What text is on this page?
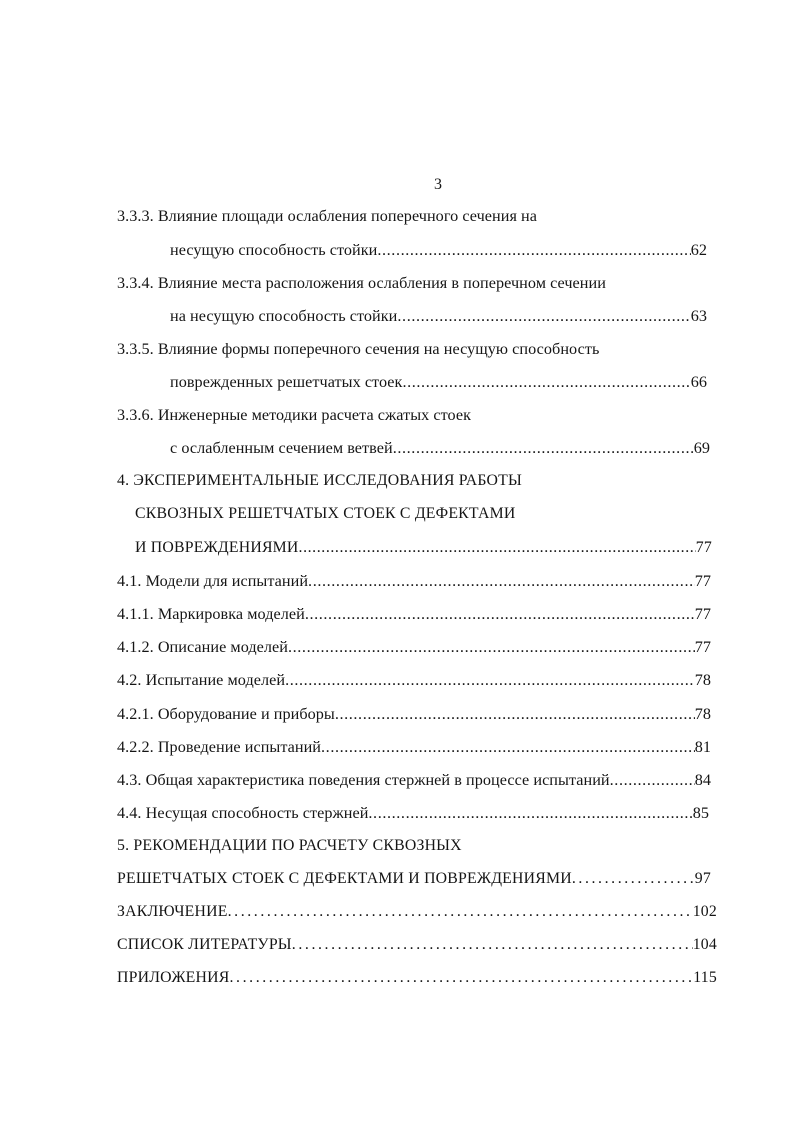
3
3.3.3. Влияние площади ослабления поперечного сечения на
несущую способность стойки .....	62
3.3.4. Влияние места расположения ослабления в поперечном сечении
на несущую способность стойки .....	63
3.3.5. Влияние формы поперечного сечения на несущую способность
поврежденных решетчатых стоек .....	66
3.3.6. Инженерные методики расчета сжатых стоек
с ослабленным сечением ветвей .....	69
4. ЭКСПЕРИМЕНТАЛЬНЫЕ ИССЛЕДОВАНИЯ РАБОТЫ
СКВОЗНЫХ РЕШЕТЧАТЫХ СТОЕК С ДЕФЕКТАМИ
И ПОВРЕЖДЕНИЯМИ .....	77
4.1. Модели для испытаний .....	77
4.1.1. Маркировка моделей .....	77
4.1.2. Описание моделей .....	77
4.2. Испытание моделей .....	78
4.2.1. Оборудование и приборы .....	78
4.2.2. Проведение испытаний .....	81
4.3. Общая характеристика поведения стержней в процессе испытаний .....	84
4.4. Несущая способность стержней .....	85
5. РЕКОМЕНДАЦИИ ПО РАСЧЕТУ СКВОЗНЫХ
РЕШЕТЧАТЫХ СТОЕК С ДЕФЕКТАМИ И ПОВРЕЖДЕНИЯМИ .....	97
ЗАКЛЮЧЕНИЕ .....	102
СПИСОК ЛИТЕРАТУРЫ .....	104
ПРИЛОЖЕНИЯ .....	115
